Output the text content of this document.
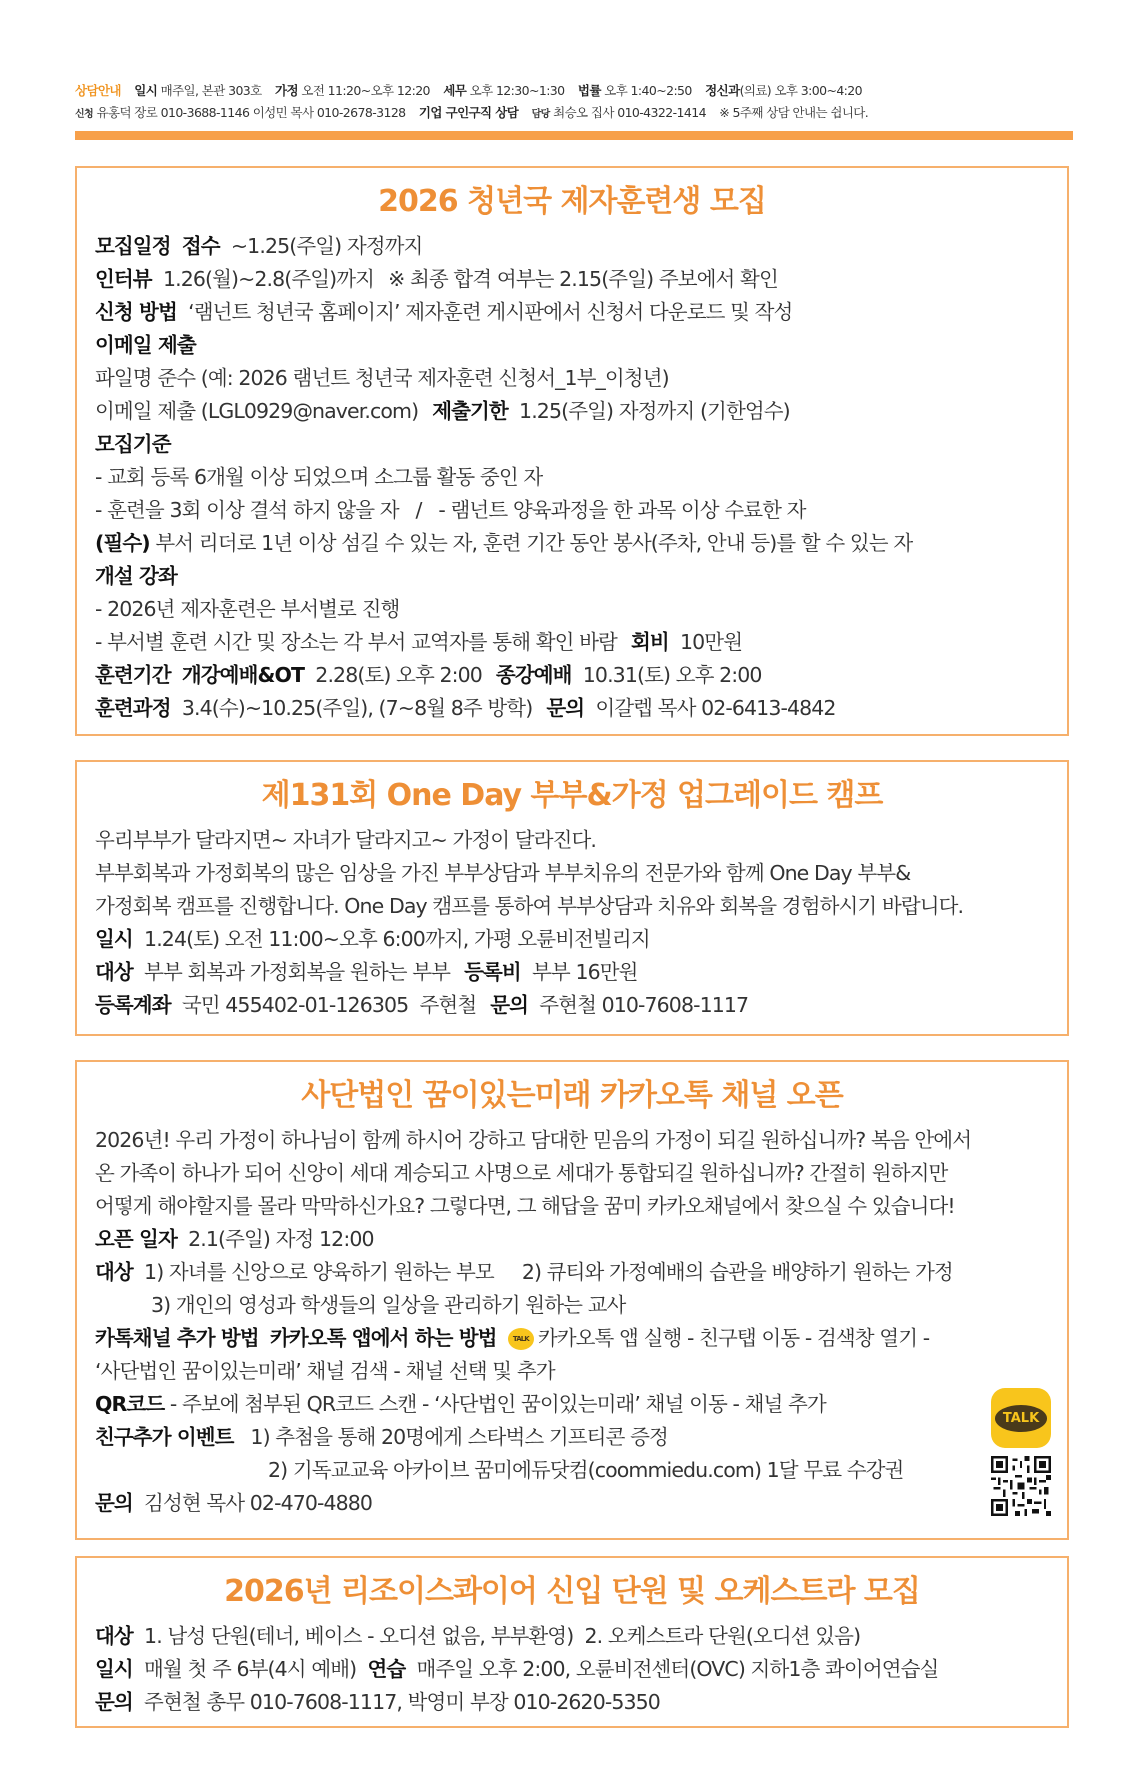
상담안내 일시 매주일, 본관 303호 가정 오전 11:20~오후 12:20 세무 오후 12:30~1:30 법률 오후 1:40~2:50 정신과(의료) 오후 3:00~4:20
신청 유홍덕 장로 010-3688-1146 이성민 목사 010-2678-3128 기업 구인구직 상담 담당 최승오 집사 010-4322-1414 ※ 5주째 상담 안내는 쉽니다.
2026 청년국 제자훈련생 모집
모집일정 접수 ~1.25(주일) 자정까지
인터뷰 1.26(월)~2.8(주일)까지 ※ 최종 합격 여부는 2.15(주일) 주보에서 확인
신청 방법 ‘램넌트 청년국 홈페이지’ 제자훈련 게시판에서 신청서 다운로드 및 작성
이메일 제출
파일명 준수 (예: 2026 램넌트 청년국 제자훈련 신청서_1부_이청년)
이메일 제출 (LGL0929@naver.com) 제출기한 1.25(주일) 자정까지 (기한엄수)
모집기준
- 교회 등록 6개월 이상 되었으며 소그룹 활동 중인 자
- 훈련을 3회 이상 결석 하지 않을 자   /   - 램넌트 양육과정을 한 과목 이상 수료한 자
(필수) 부서 리더로 1년 이상 섬길 수 있는 자, 훈련 기간 동안 봉사(주차, 안내 등)를 할 수 있는 자
개설 강좌
- 2026년 제자훈련은 부서별로 진행
- 부서별 훈련 시간 및 장소는 각 부서 교역자를 통해 확인 바람 회비 10만원
훈련기간 개강예배&OT 2.28(토) 오후 2:00 종강예배 10.31(토) 오후 2:00
훈련과정 3.4(수)~10.25(주일), (7~8월 8주 방학) 문의 이갈렙 목사 02-6413-4842
제131회 One Day 부부&가정 업그레이드 캠프
우리부부가 달라지면~ 자녀가 달라지고~ 가정이 달라진다.
부부회복과 가정회복의 많은 임상을 가진 부부상담과 부부치유의 전문가와 함께 One Day 부부&
가정회복 캠프를 진행합니다. One Day 캠프를 통하여 부부상담과 치유와 회복을 경험하시기 바랍니다.
일시 1.24(토) 오전 11:00~오후 6:00까지, 가평 오륜비전빌리지
대상 부부 회복과 가정회복을 원하는 부부 등록비 부부 16만원
등록계좌 국민 455402-01-126305  주현철 문의 주현철 010-7608-1117
사단법인 꿈이있는미래 카카오톡 채널 오픈
2026년! 우리 가정이 하나님이 함께 하시어 강하고 담대한 믿음의 가정이 되길 원하십니까? 복음 안에서
온 가족이 하나가 되어 신앙이 세대 계승되고 사명으로 세대가 통합되길 원하십니까? 간절히 원하지만
어떻게 해야할지를 몰라 막막하신가요? 그렇다면, 그 해답을 꿈미 카카오채널에서 찾으실 수 있습니다!
오픈 일자 2.1(주일) 자정 12:00
대상 1) 자녀를 신앙으로 양육하기 원하는 부모 2) 큐티와 가정예배의 습관을 배양하기 원하는 가정
3) 개인의 영성과 학생들의 일상을 관리하기 원하는 교사
카톡채널 추가 방법 카카오톡 앱에서 하는 방법 TALK 카카오톡 앱 실행 - 친구탭 이동 - 검색창 열기 -
‘사단법인 꿈이있는미래’ 채널 검색 - 채널 선택 및 추가
QR코드 - 주보에 첨부된 QR코드 스캔 - ‘사단법인 꿈이있는미래’ 채널 이동 - 채널 추가
친구추가 이벤트 1) 추첨을 통해 20명에게 스타벅스 기프티콘 증정
2) 기독교교육 아카이브 꿈미에듀닷컴(coommiedu.com) 1달 무료 수강권
문의 김성현 목사 02-470-4880
TALK
2026년 리조이스콰이어 신입 단원 및 오케스트라 모집
대상 1. 남성 단원(테너, 베이스 - 오디션 없음, 부부환영)  2. 오케스트라 단원(오디션 있음)
일시 매월 첫 주 6부(4시 예배) 연습 매주일 오후 2:00, 오륜비전센터(OVC) 지하1층 콰이어연습실
문의 주현철 총무 010-7608-1117, 박영미 부장 010-2620-5350
